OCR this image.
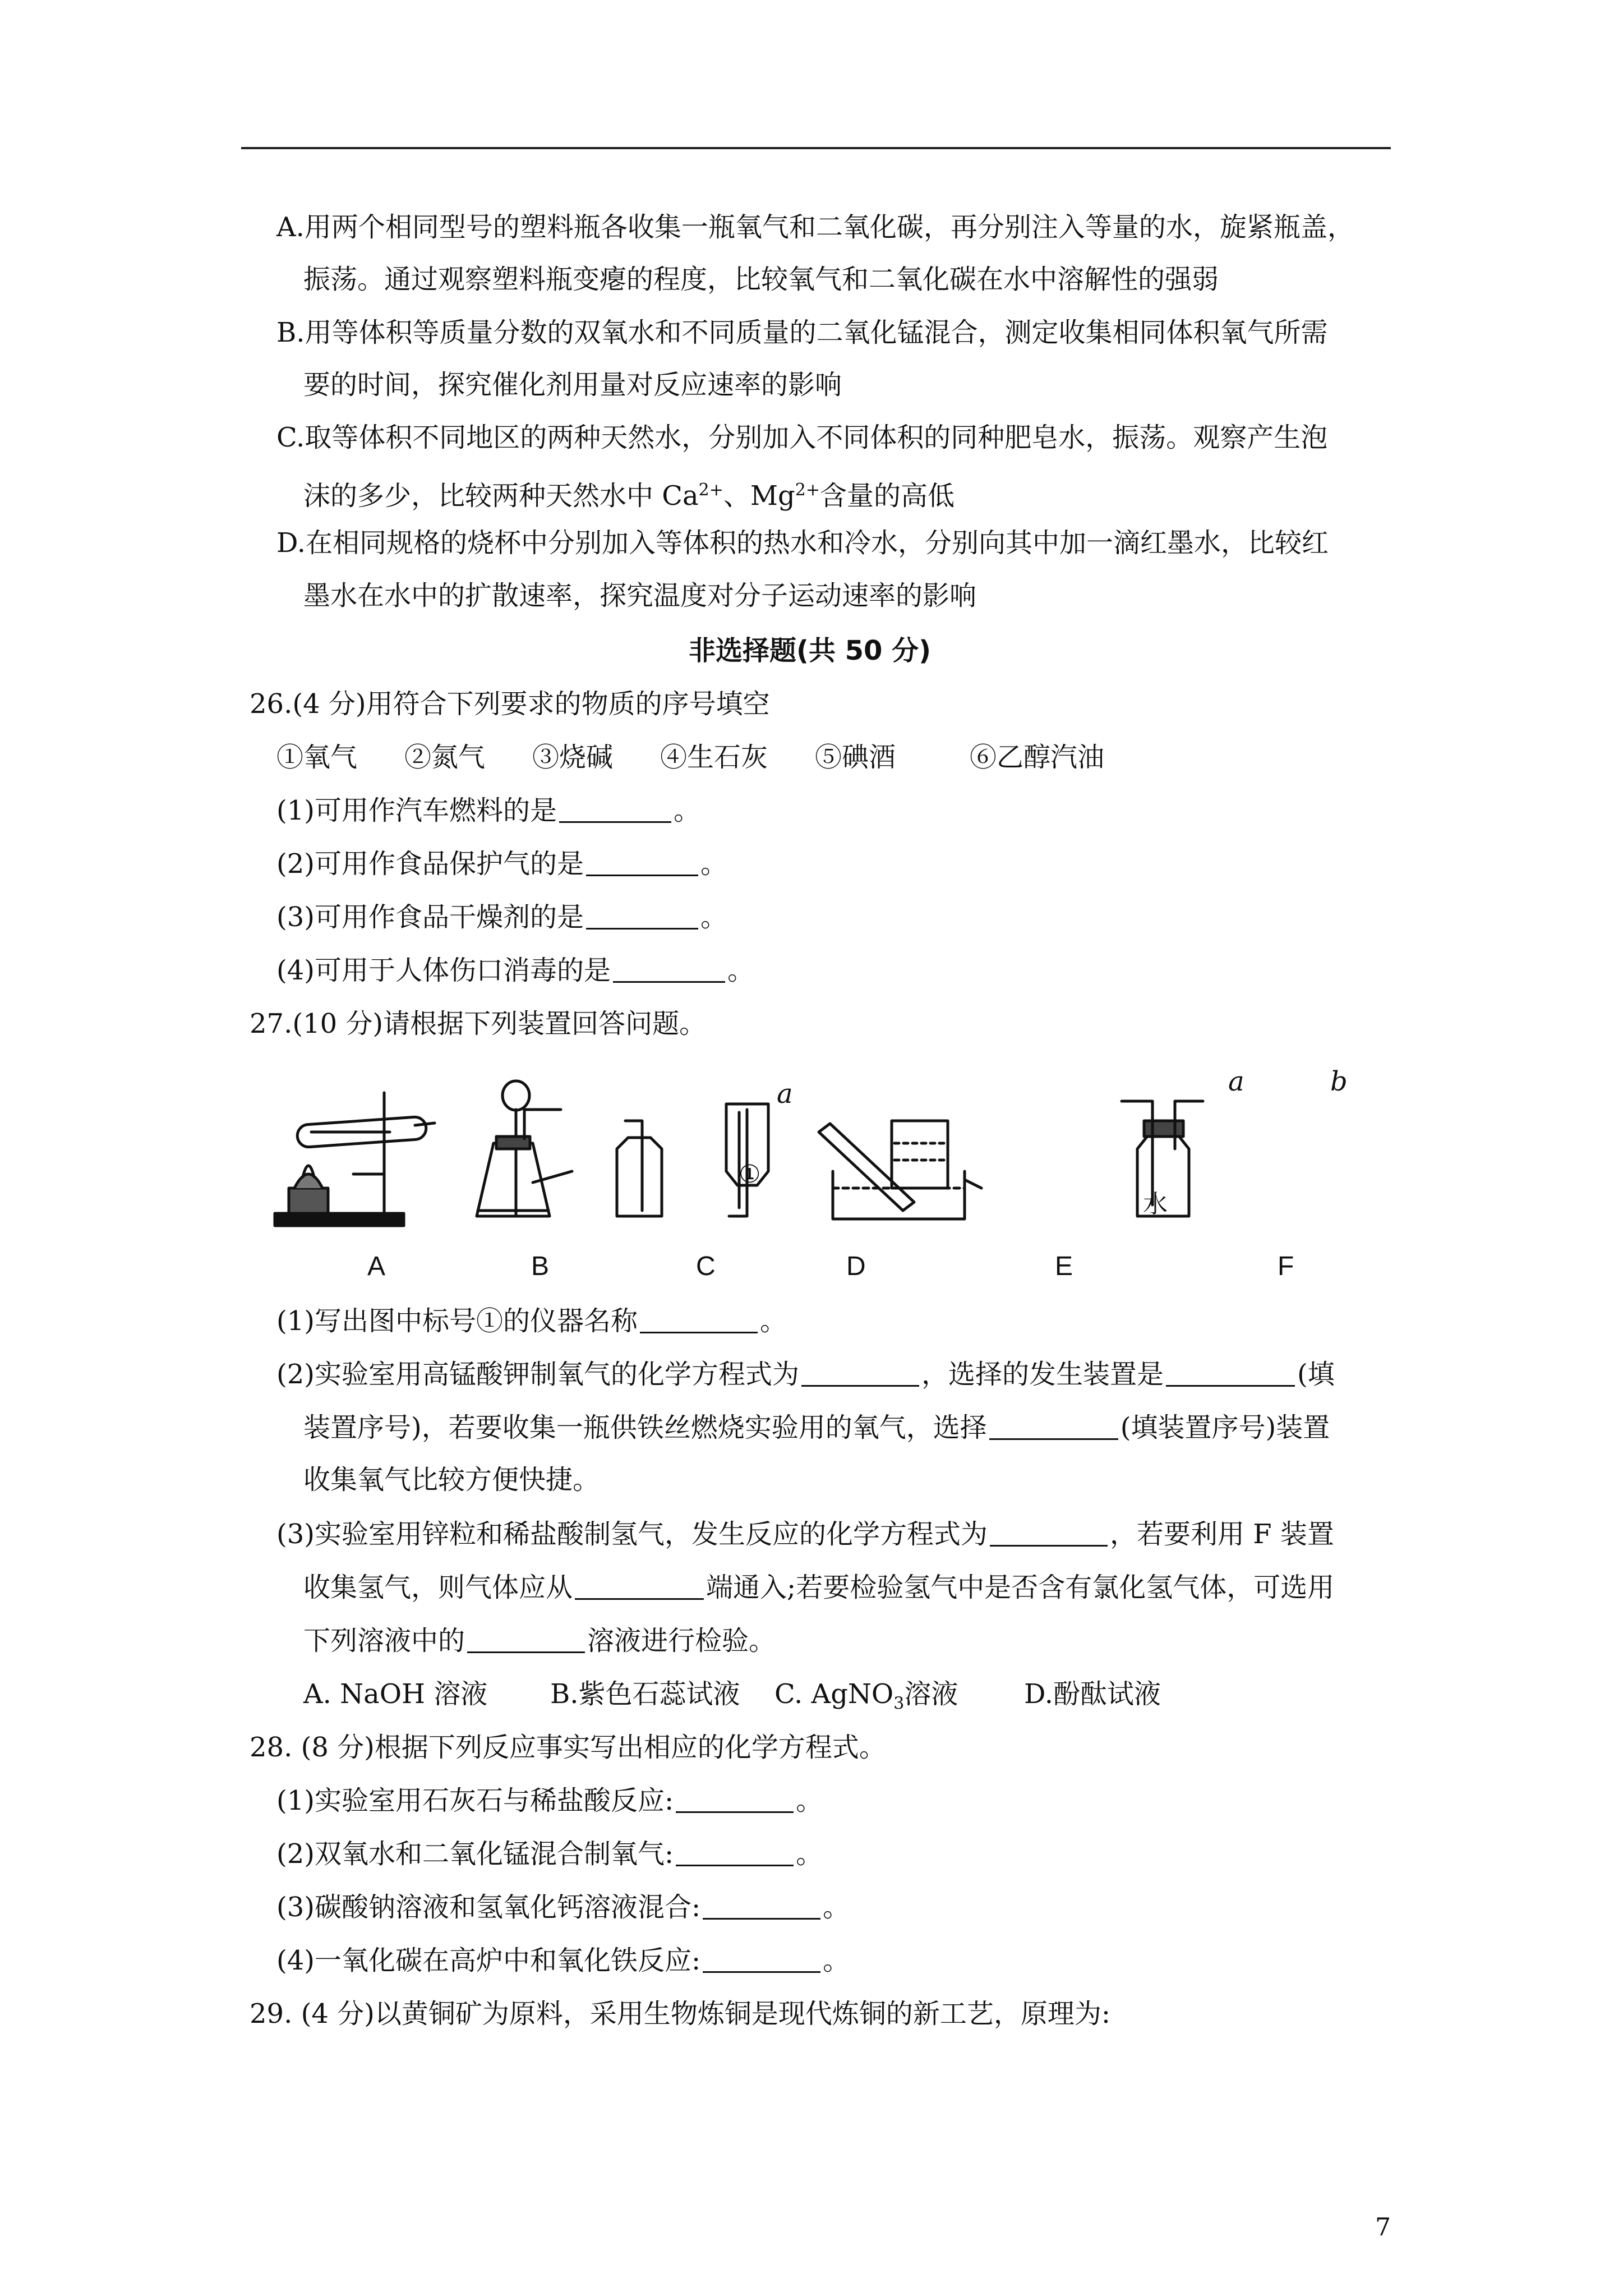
A.用两个相同型号的塑料瓶各收集一瓶氧气和二氧化碳，再分别注入等量的水，旋紧瓶盖，
振荡。通过观察塑料瓶变瘪的程度，比较氧气和二氧化碳在水中溶解性的强弱
B.用等体积等质量分数的双氧水和不同质量的二氧化锰混合，测定收集相同体积氧气所需
要的时间，探究催化剂用量对反应速率的影响
C.取等体积不同地区的两种天然水，分别加入不同体积的同种肥皂水，振荡。观察产生泡
沫的多少，比较两种天然水中 $Ca^{2+}$、$Mg^{2+}$含量的高低
D.在相同规格的烧杯中分别加入等体积的热水和冷水，分别向其中加一滴红墨水，比较红
墨水在水中的扩散速率，探究温度对分子运动速率的影响
非选择题(共 50 分)
26.(4 分)用符合下列要求的物质的序号填空
①氧气 ②氮气 ③烧碱 ④生石灰 ⑤碘酒	⑥乙醇汽油
(1)可用作汽车燃料的是	。
(2)可用作食品保护气的是	。
(3)可用作食品干燥剂的是	。
(4)可用于人体伤口消毒的是	。
27.(10 分)请根据下列装置回答问题。
①
a	a	b
水
A	B	C	D	E	F
(1)写出图中标号①的仪器名称	。
(2)实验室用高锰酸钾制氧气的化学方程式为	，选择的发生装置是	(填
装置序号)，若要收集一瓶供铁丝燃烧实验用的氧气，选择	(填装置序号)装置
收集氧气比较方便快捷。
(3)实验室用锌粒和稀盐酸制氢气，发生反应的化学方程式为	，若要利用 F 装置
收集氢气，则气体应从	端通入;若要检验氢气中是否含有氯化氢气体，可选用
下列溶液中的	溶液进行检验。
A. NaOH 溶液 B.紫色石蕊试液 C. AgNO$_3$溶液 D.酚酞试液
28. (8 分)根据下列反应事实写出相应的化学方程式。
(1)实验室用石灰石与稀盐酸反应:	。
(2)双氧水和二氧化锰混合制氧气:	。
(3)碳酸钠溶液和氢氧化钙溶液混合:	。
(4)一氧化碳在高炉中和氧化铁反应:	。
29. (4 分)以黄铜矿为原料，采用生物炼铜是现代炼铜的新工艺，原理为:
7
